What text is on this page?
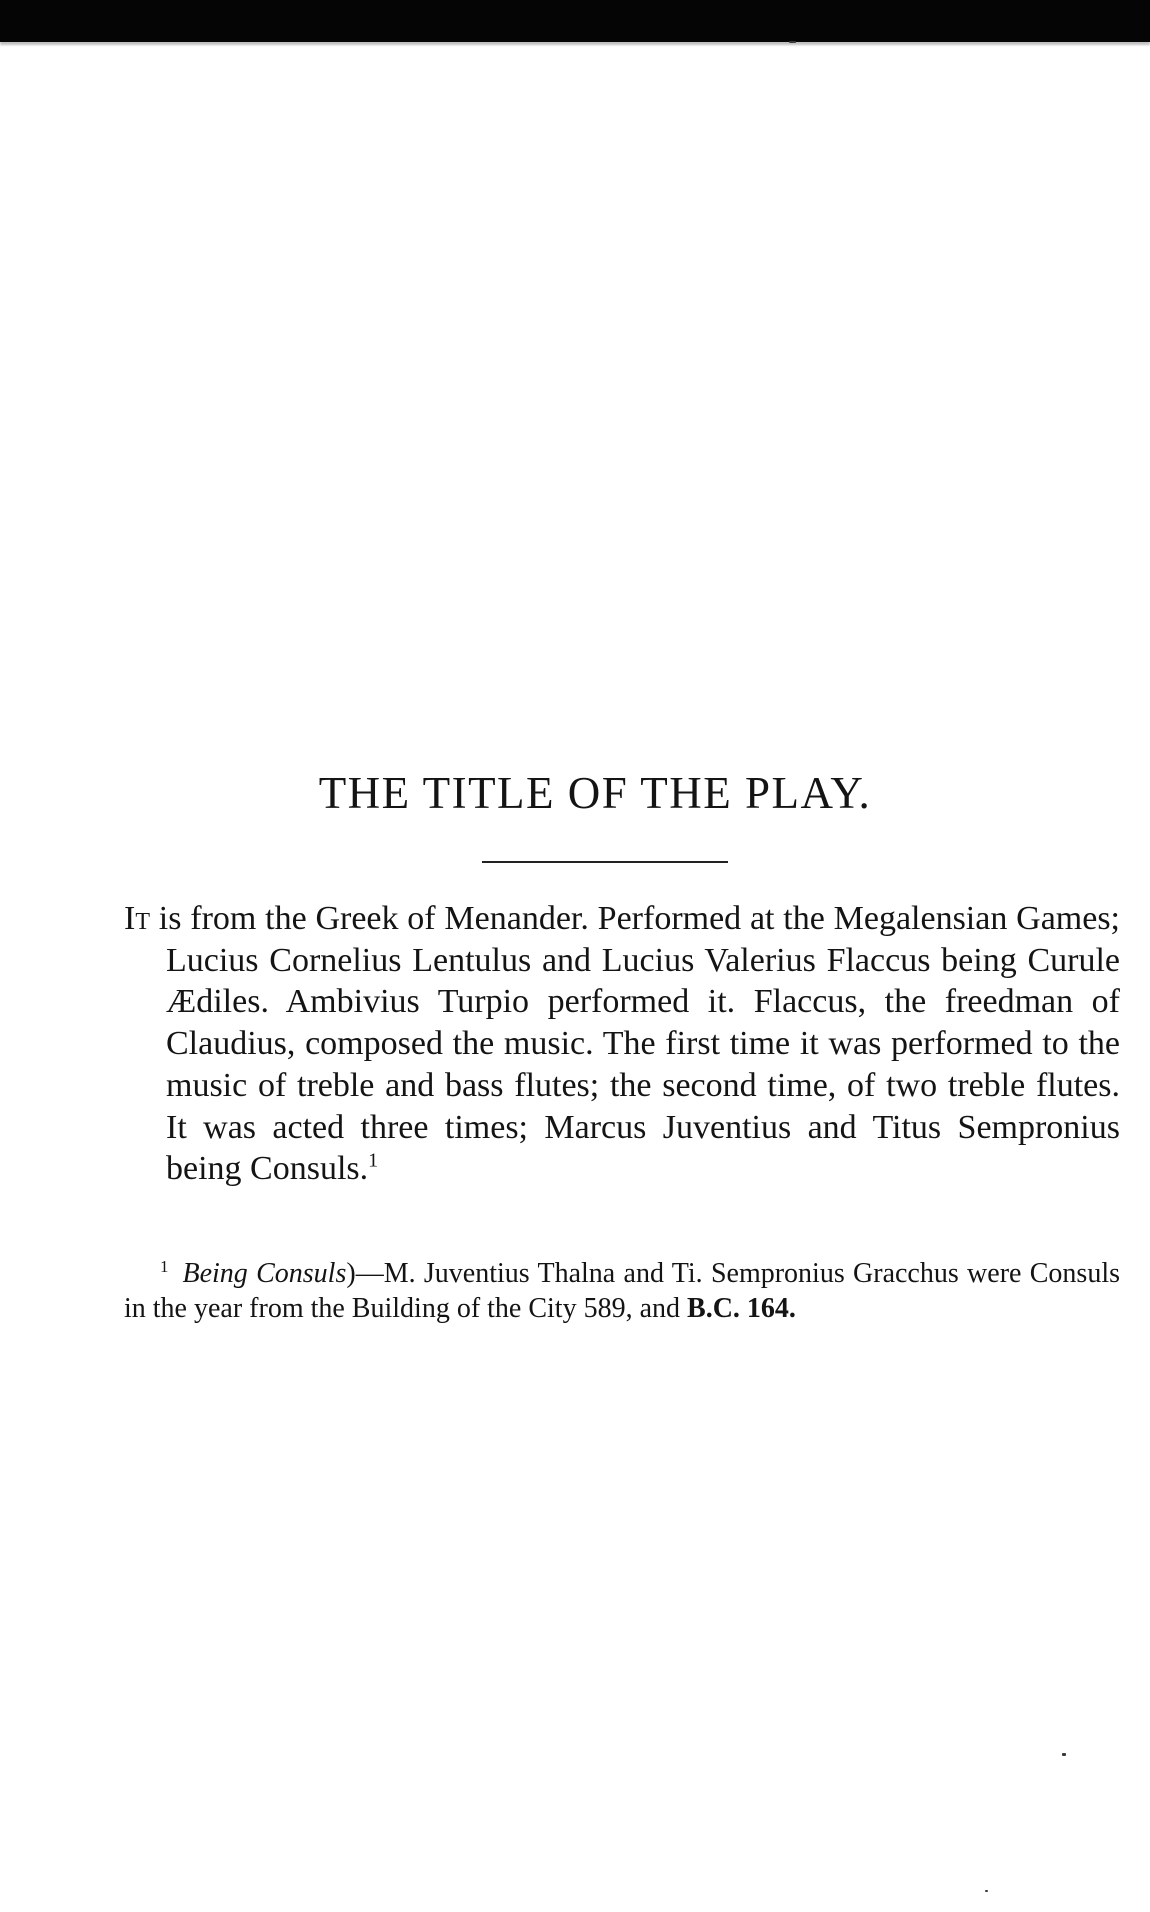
THE TITLE OF THE PLAY.
It is from the Greek of Menander. Performed at the Megalensian Games; Lucius Cornelius Lentulus and Lucius Valerius Flaccus being Curule Ædiles. Ambivius Turpio performed it. Flaccus, the freedman of Claudius, composed the music. The first time it was performed to the music of treble and bass flutes; the second time, of two treble flutes. It was acted three times; Marcus Juventius and Titus Sempronius being Consuls.$^1$
$^1$ Being Consuls)—M. Juventius Thalna and Ti. Sempronius Gracchus were Consuls in the year from the Building of the City 589, and B.C. 164.
